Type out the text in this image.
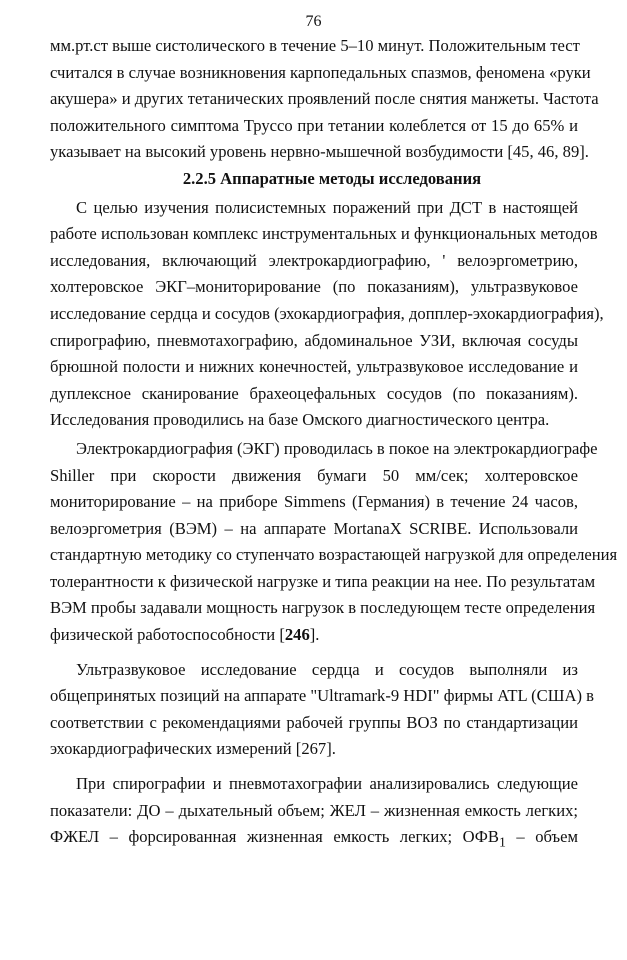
76
мм.рт.ст выше систолического в течение 5–10 минут. Положительным тест
считался в случае возникновения карпопедальных спазмов, феномена «руки
акушера» и других тетанических проявлений после снятия манжеты. Частота
положительного симптома Труссо при тетании колеблется от 15 до 65% и
указывает на высокий уровень нервно-мышечной возбудимости [45, 46, 89].
2.2.5 Аппаратные методы исследования
С целью изучения полисистемных поражений при ДСТ в настоящей
работе использован комплекс инструментальных и функциональных методов
исследования, включающий электрокардиографию, ' велоэргометрию,
холтеровское ЭКГ–мониторирование (по показаниям), ультразвуковое
исследование сердца и сосудов (эхокардиография, допплер-эхокардиография),
спирографию, пневмотахографию, абдоминальное УЗИ, включая сосуды
брюшной полости и нижних конечностей, ультразвуковое исследование и
дуплексное сканирование брахеоцефальных сосудов (по показаниям).
Исследования проводились на базе Омского диагностического центра.
Электрокардиография (ЭКГ) проводилась в покое на электрокардиографе
Shiller при скорости движения бумаги 50 мм/сек; холтеровское
мониторирование – на приборе Simmens (Германия) в течение 24 часов,
велоэргометрия (ВЭМ) – на аппарате MortanaX SCRIBE. Использовали
стандартную методику со ступенчато возрастающей нагрузкой для определения
толерантности к физической нагрузке и типа реакции на нее. По результатам
ВЭМ пробы задавали мощность нагрузок в последующем тесте определения
физической работоспособности [246].
Ультразвуковое исследование сердца и сосудов выполняли из
общепринятых позиций на аппарате "Ultramark-9 HDI" фирмы ATL (США) в
соответствии с рекомендациями рабочей группы ВОЗ по стандартизации
эхокардиографических измерений [267].
При спирографии и пневмотахографии анализировались следующие
показатели: ДО – дыхательный объем; ЖЕЛ – жизненная емкость легких;
ФЖЕЛ – форсированная жизненная емкость легких; $ОФВ_1$ – объем
